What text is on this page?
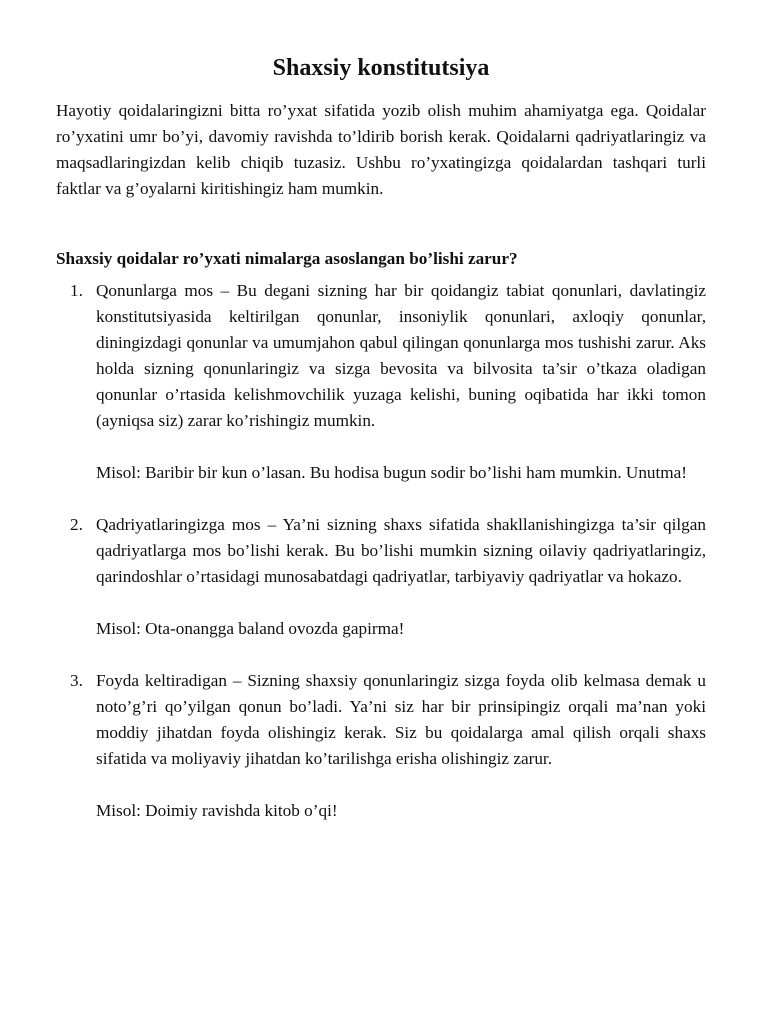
Shaxsiy konstitutsiya

Hayotiy qoidalaringizni bitta ro’yxat sifatida yozib olish muhim ahamiyatga ega. Qoidalar ro’yxatini umr bo’yi, davomiy ravishda to’ldirib borish kerak. Qoidalarni qadriyatlaringiz va maqsadlaringizdan kelib chiqib tuzasiz. Ushbu ro’yxatingizga qoidalardan tashqari turli faktlar va g’oyalarni kiritishingiz ham mumkin.

Shaxsiy qoidalar ro’yxati nimalarga asoslangan bo’lishi zarur?

1. Qonunlarga mos – Bu degani sizning har bir qoidangiz tabiat qonunlari, davlatingiz konstitutsiyasida keltirilgan qonunlar, insoniylik qonunlari, axloqiy qonunlar, diningizdagi qonunlar va umumjahon qabul qilingan qonunlarga mos tushishi zarur. Aks holda sizning qonunlaringiz va sizga bevosita va bilvosita ta’sir o’tkaza oladigan qonunlar o’rtasida kelishmovchilik yuzaga kelishi, buning oqibatida har ikki tomon (ayniqsa siz) zarar ko’rishingiz mumkin.

Misol: Baribir bir kun o’lasan. Bu hodisa bugun sodir bo’lishi ham mumkin. Unutma!

2. Qadriyatlaringizga mos – Ya’ni sizning shaxs sifatida shakllanishingizga ta’sir qilgan qadriyatlarga mos bo’lishi kerak. Bu bo’lishi mumkin sizning oilaviy qadriyatlaringiz, qarindoshlar o’rtasidagi munosabatdagi qadriyatlar, tarbiyaviy qadriyatlar va hokazo.

Misol: Ota-onangga baland ovozda gapirma!

3. Foyda keltiradigan – Sizning shaxsiy qonunlaringiz sizga foyda olib kelmasa demak u noto’g’ri qo’yilgan qonun bo’ladi. Ya’ni siz har bir prinsipingiz orqali ma’nan yoki moddiy jihatdan foyda olishingiz kerak. Siz bu qoidalarga amal qilish orqali shaxs sifatida va moliyaviy jihatdan ko’tarilishga erisha olishingiz zarur.

Misol: Doimiy ravishda kitob o’qi!
